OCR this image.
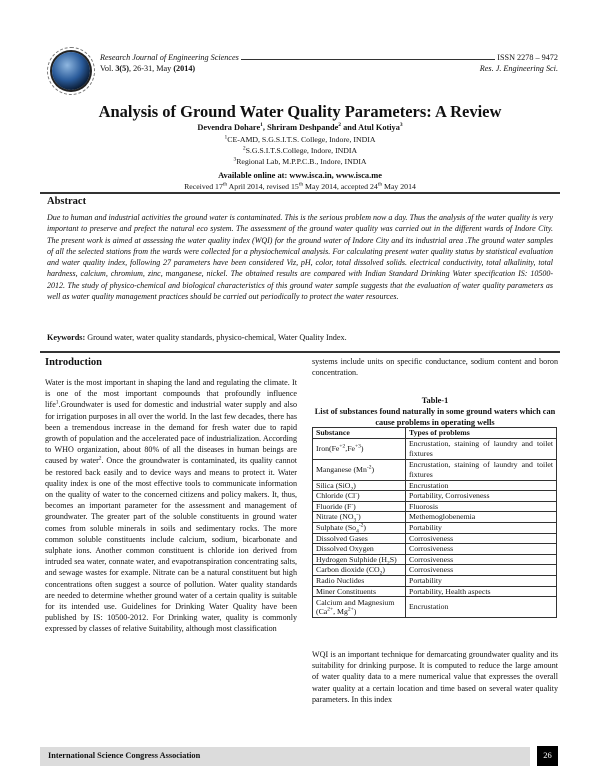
Research Journal of Engineering Sciences	ISSN 2278 – 9472
Vol. 3(5), 26-31, May (2014)	Res. J. Engineering Sci.
Analysis of Ground Water Quality Parameters: A Review
Devendra Dohare$^1$, Shriram Deshpande$^2$ and Atul Kotiya$^3$
$^1$CE-AMD, S.G.S.I.T.S. College, Indore, INDIA
$^2$S.G.S.I.T.S.College, Indore, INDIA
$^3$Regional Lab, M.P.P.C.B., Indore, INDIA
Available online at: www.isca.in, www.isca.me
Received 17th April 2014, revised 15th May 2014, accepted 24th May 2014
Abstract
Due to human and industrial activities the ground water is contaminated. This is the serious problem now a day. Thus the analysis of the water quality is very important to preserve and prefect the natural eco system. The assessment of the ground water quality was carried out in the different wards of Indore City. The present work is aimed at assessing the water quality index (WQI) for the ground water of Indore City and its industrial area .The ground water samples of all the selected stations from the wards were collected for a physiochemical analysis. For calculating present water quality status by statistical evaluation and water quality index, following 27 parameters have been considered Viz, pH, color, total dissolved solids. electrical conductivity, total alkalinity, total hardness, calcium, chromium, zinc, manganese, nickel. The obtained results are compared with Indian Standard Drinking Water specification IS: 10500-2012. The study of physico-chemical and biological characteristics of this ground water sample suggests that the evaluation of water quality parameters as well as water quality management practices should be carried out periodically to protect the water resources.
Keywords: Ground water, water quality standards, physico-chemical, Water Quality Index.
Introduction
Water is the most important in shaping the land and regulating the climate. It is one of the most important compounds that profoundly influence life$^1$.Groundwater is used for domestic and industrial water supply and also for irrigation purposes in all over the world. In the last few decades, there has been a tremendous increase in the demand for fresh water due to rapid growth of population and the accelerated pace of industrialization. According to WHO organization, about 80% of all the diseases in human beings are caused by water$^2$. Once the groundwater is contaminated, its quality cannot be restored back easily and to device ways and means to protect it. Water quality index is one of the most effective tools to communicate information on the quality of water to the concerned citizens and policy makers. It, thus, becomes an important parameter for the assessment and management of groundwater. The greater part of the soluble constituents in ground water comes from soluble minerals in soils and sedimentary rocks. The more common soluble constituents include calcium, sodium, bicarbonate and sulphate ions. Another common constituent is chloride ion derived from intruded sea water, connate water, and evapotranspiration concentrating salts, and sewage wastes for example. Nitrate can be a natural constituent but high concentrations often suggest a source of pollution. Water quality standards are needed to determine whether ground water of a certain quality is suitable for its intended use. Guidelines for Drinking Water Quality have been published by IS: 10500-2012. For Drinking water, quality is commonly expressed by classes of relative Suitability, although most classification
systems include units on specific conductance, sodium content and boron concentration.
Table-1
List of substances found naturally in some ground waters which can cause problems in operating wells
Substance	Types of problems
$Iron(Fe^{+2},Fe^{+3})$	Encrustation, staining of laundry and toilet fixtures
Manganese $(Mn^{-2})$	Encrustation, staining of laundry and toilet fixtures
Silica (SiO$_2$)	Encrustation
Chloride (Cl-)	Portability, Corrosiveness
Fluoride (F-)	Fluorosis
Nitrate $(NO_3^-)$	Methemoglobenemia
Sulphate $(So_4^{-2})$	Portability
Dissolved Gases	Corrosiveness
Dissolved Oxygen	Corrosiveness
Hydrogen Sulphide $(H_2S)$	Corrosiveness
Carbon dioxide $(CO_2)$	Corrosiveness
Radio Nuclides	Portability
Miner Constituents	Portability, Health aspects
Calcium and Magnesium ($Ca^{2+}$, $Mg^{2+}$)	Encrustation
WQI is an important technique for demarcating groundwater quality and its suitability for drinking purpose. It is computed to reduce the large amount of water quality data to a mere numerical value that expresses the overall water quality at a certain location and time based on several water quality parameters. In this index
International Science Congress Association	26
